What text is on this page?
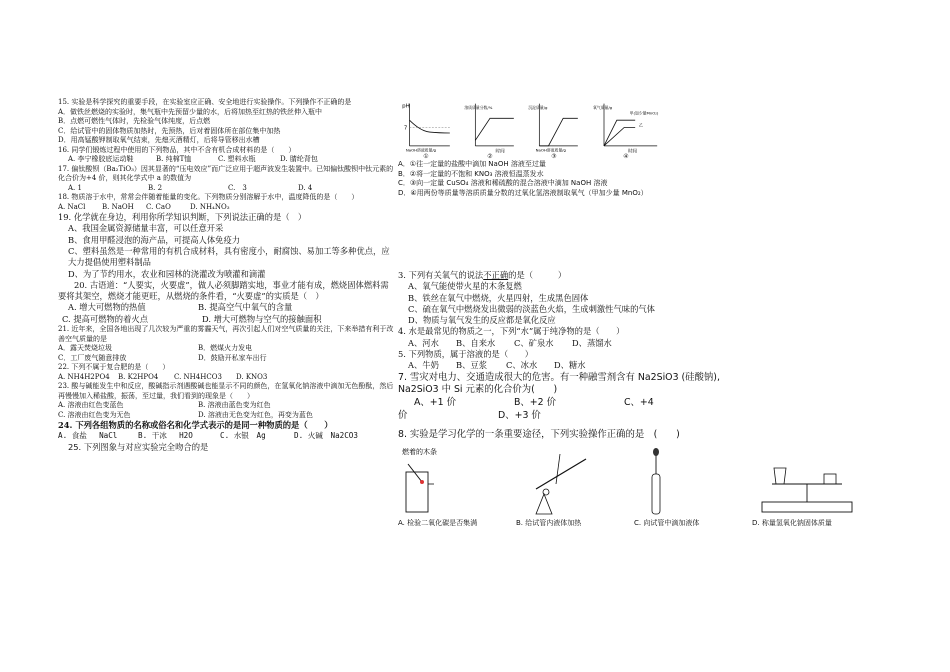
15. 实验是科学探究的重要手段，在实验室应正确、安全地进行实验操作。下列操作不正确的是

A．做铁丝燃烧的实验时，集气瓶中先预留少量的水，后将加热至红热的铁丝伸入瓶中

B．点燃可燃性气体时，先检验气体纯度，后点燃

C．给试管中的固体物质加热时，先预热，后对着固体所在部位集中加热

D．用高锰酸钾制取氧气结束，先熄灭酒精灯，后将导管移出水槽

16. 同学们锻炼过程中使用的下列物品，其中不含有机合成材料的是（　　）

A. 李宁橡胶底运动鞋	B. 纯棉T恤	C. 塑料水瓶	D. 腈纶背包

17. 偏钛酸钡（Ba₂TiO₃）因其显著的“压电效应”而广泛应用于超声波发生装置中。已知偏钛酸钡中钛元素的化合价为+4 价，则其化学式中 a 的数值为

A. 1	B. 2	C.　3	D. 4

18. 物质溶于水中，常常会伴随着能量的变化。下列物质分别溶解于水中，温度降低的是（　　）

A. NaCl	B. NaOH	C. CaO	D. NH₄NO₃

19. 化学就在身边，利用你所学知识判断，下列说法正确的是（　）

A、我国金属资源储量丰富，可以任意开采

B、食用甲醛浸泡的海产品，可提高人体免疫力

C、塑料虽然是一种常用的有机合成材料，具有密度小，耐腐蚀、易加工等多种优点，应大力提倡使用塑料制品

D、为了节约用水，农业和园林的浇灌改为喷灌和滴灌

20. 古语道：“人要实，火要虚”，做人必须脚踏实地，事业才能有成，燃烧固体燃料需要将其架空，燃烧才能更旺，从燃烧的条件看，“火要虚”的实质是（　）

A. 增大可燃物的热值	B. 提高空气中氧气的含量
C. 提高可燃物的着火点	D. 增大可燃物与空气的接触面积

21. 近年来，全国各地出现了几次较为严重的雾霾天气，再次引起人们对空气质量的关注，下来举措有利于改善空气质量的是

A．露天焚烧垃圾	B．燃煤火力发电
C．工厂废气随意排放	D．鼓励开私家车出行

22. 下列不属于复合肥的是（　　）

A. NH4H2PO4	B. K2HPO4	C. NH4HCO3	D. KNO3

23. 酸与碱能发生中和反应，酸碱指示剂遇酸碱也能显示不同的颜色，在氢氧化钠溶液中滴加无色酚酞，然后再慢慢加入稀盐酸，振荡，至过量，我们看到的现象是（　　）

A. 溶液由红色变蓝色	B. 溶液由蓝色变为红色
C. 溶液由红色变为无色	D. 溶液由无色变为红色，再变为蓝色

24. 下列各组物质的名称或俗名和化学式表示的是同一种物质的是（　　）

A. 食盐　 NaCl	B. 干冰　 H2O	C. 水银　Ag	D. 火碱　Na2CO3

25. 下列图象与对应实验完全吻合的是

pH
7
NaOH溶液质量/g
①
溶质质量分数/%
时间
②
沉淀质量/g
NaOH溶液质量/g
③
氧气质量/g
甲(加少量MnO₂)
乙
时间
④

A．①往一定量的盐酸中滴加 NaOH 溶液至过量

B．②将一定量的不饱和 KNO₃ 溶液恒温蒸发水

C．③向一定量 CuSO₄ 溶液和稀硫酸的混合溶液中滴加 NaOH 溶液

D．④用两份等质量等溶质质量分数的过氧化氢溶液制取氧气（甲加少量 MnO₂）

3. 下列有关氧气的说法不正确的是（　　　）

A、氧气能使带火星的木条复燃

B、铁丝在氧气中燃烧，火星四射，生成黑色固体

C、硫在氧气中燃烧发出微弱的淡蓝色火焰，生成刺激性气味的气体

D、物质与氧气发生的反应都是氧化反应

4. 水是最常见的物质之一，下列“水”属于纯净物的是（　　）

A、河水	B、自来水	C、矿泉水	D、蒸馏水

5. 下列物质，属于溶液的是（　　）

A、牛奶	B、豆浆	C、冰水	D、糖水

7. 雪灾对电力、交通造成很大的危害。有一种融雪剂含有 Na2SiO3 (硅酸钠),

Na2SiO3 中 Si 元素的化合价为(　　)

A、+1 价	B、+2 价	C、+4
价	D、+3 价

8. 实验是学习化学的一条重要途径，下列实验操作正确的是　(　　)

燃着的木条
A. 检验二氧化碳是否集满	B. 给试管内液体加热	C. 向试管中滴加液体	D. 称量氢氧化钠固体质量
